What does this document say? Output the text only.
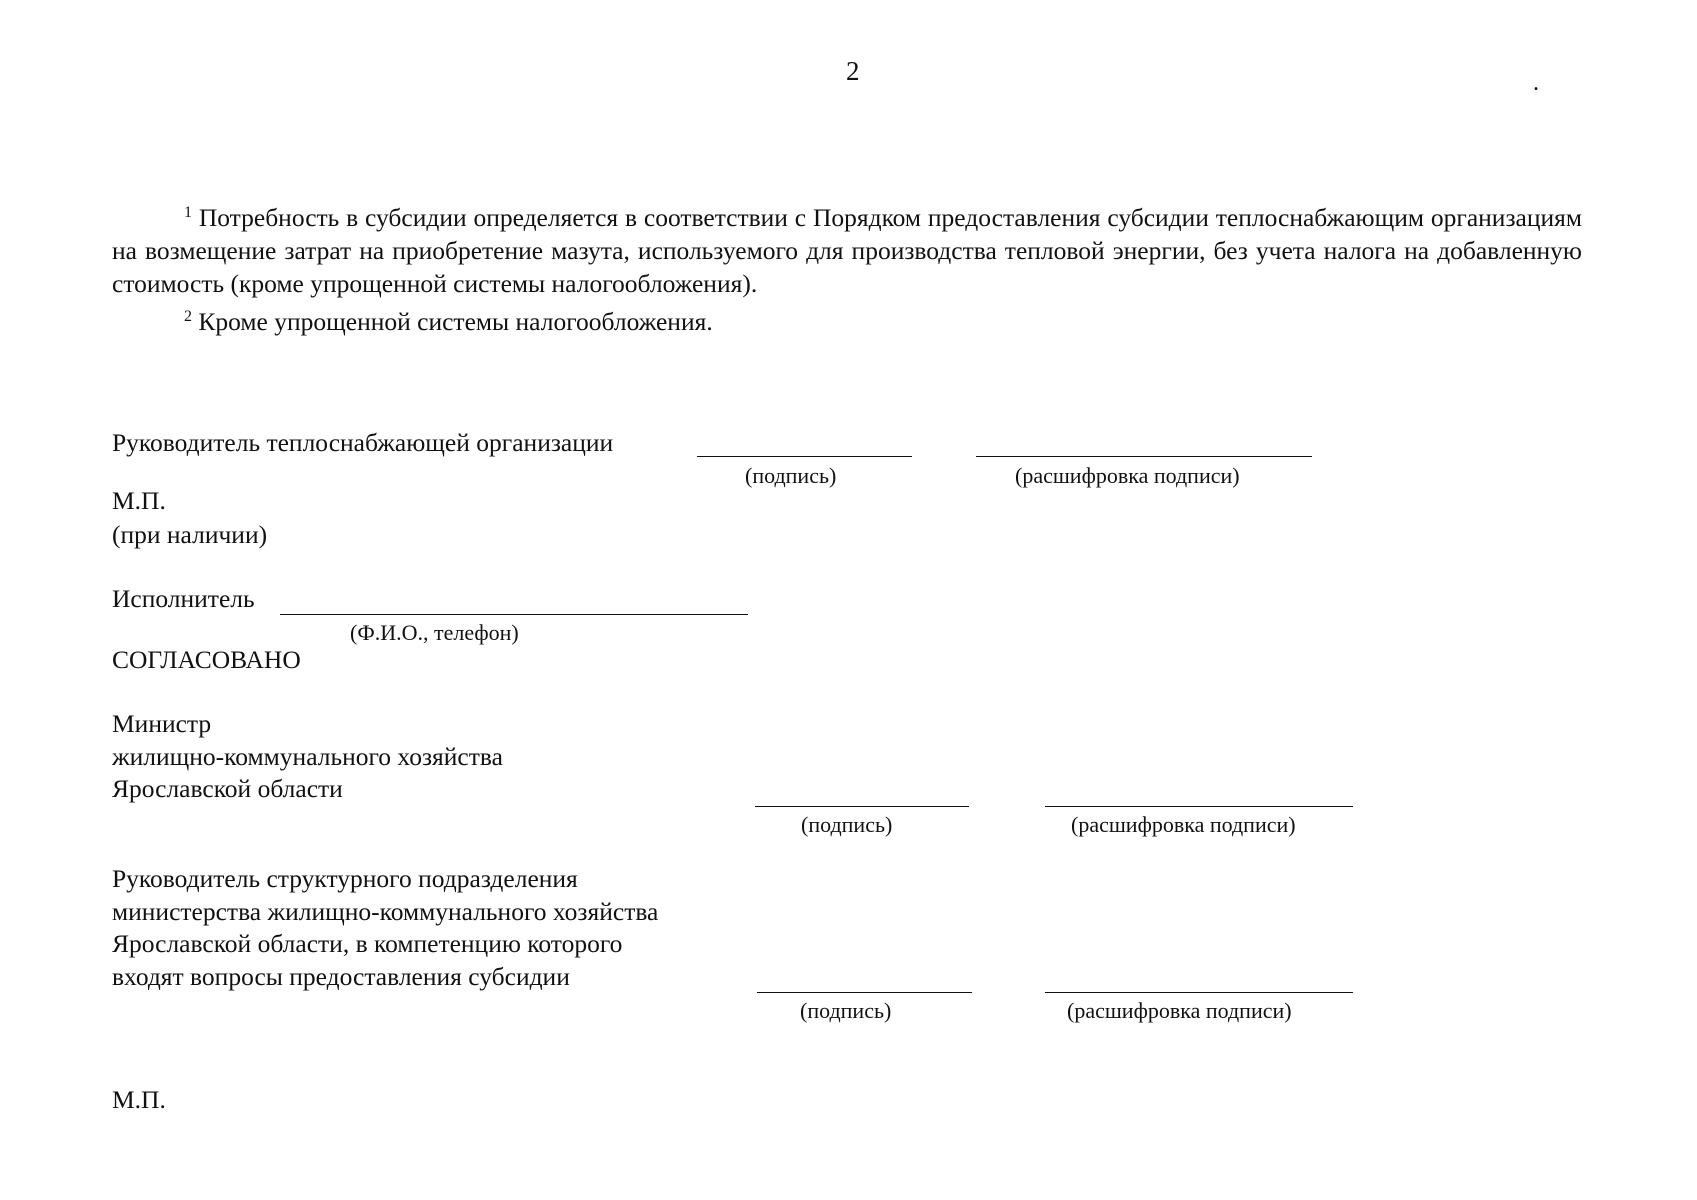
2	.

$^1$ Потребность в субсидии определяется в соответствии с Порядком предоставления субсидии теплоснабжающим организациям на возмещение затрат на приобретение мазута, используемого для производства тепловой энергии, без учета налога на добавленную стоимость (кроме упрощенной системы налогообложения).

$^2$ Кроме упрощенной системы налогообложения.

Руководитель теплоснабжающей организации
(подпись)	(расшифровка подписи)
М.П.
(при наличии)
Исполнитель
(Ф.И.О., телефон)
СОГЛАСОВАНО
Министр
жилищно-коммунального хозяйства
Ярославской области
(подпись)	(расшифровка подписи)
Руководитель структурного подразделения
министерства жилищно-коммунального хозяйства
Ярославской области, в компетенцию которого
входят вопросы предоставления субсидии
(подпись)	(расшифровка подписи)
М.П.
